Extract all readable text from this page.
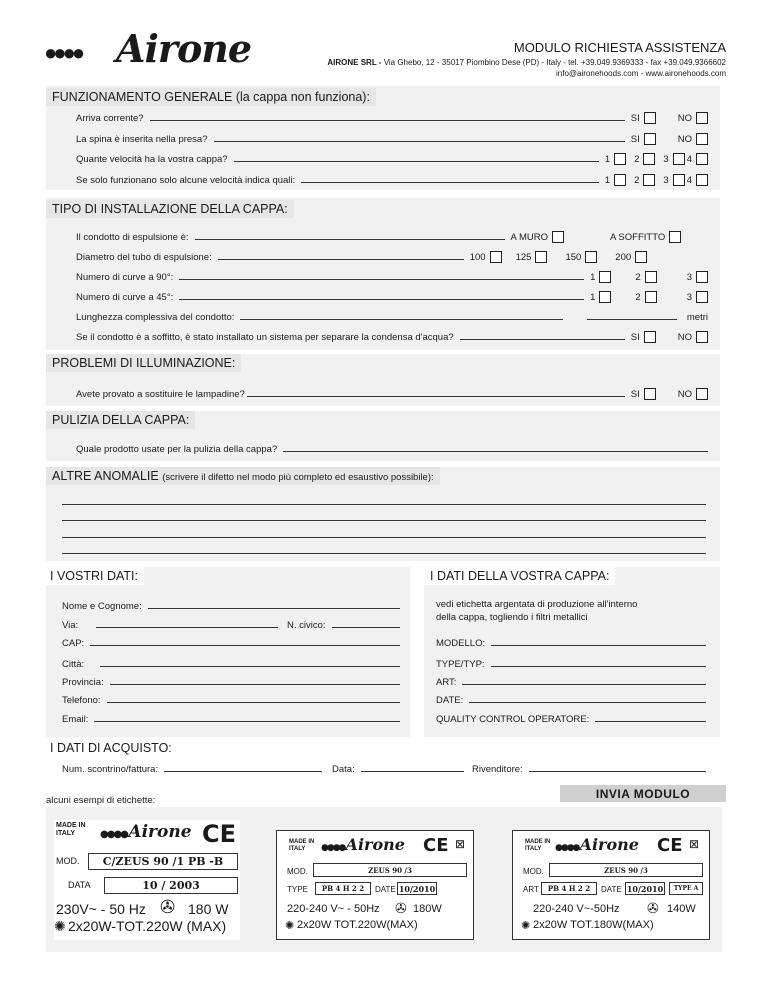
●●●● Airone	MODULO RICHIESTA ASSISTENZA
AIRONE SRL - Via Ghebo, 12 - 35017 Piombino Dese (PD) - Italy - tel. +39.049.9369333 - fax +39.049.9366602
info@aironehoods.com - www.aironehoods.com
FUNZIONAMENTO GENERALE (la cappa non funziona):
Arriva corrente?	SI	NO
La spina è inserita nella presa?	SI	NO
Quante velocità ha la vostra cappa?	1	2	3 4
Se solo funzionano solo alcune velocità indica quali:	1	2	3 4
TIPO DI INSTALLAZIONE DELLA CAPPA:
Il condotto di espulsione è:	A MURO	A SOFFITTO
Diametro del tubo di espulsione:	100	125	150	200
Numero di curve a 90°:	1	2	3
Numero di curve a 45°:	1	2	3
Lunghezza complessiva del condotto:	metri
Se il condotto è a soffitto, è stato installato un sistema per separare la condensa d'acqua?	SI	NO
PROBLEMI DI ILLUMINAZIONE:
Avete provato a sostituire le lampadine?	SI	NO
PULIZIA DELLA CAPPA:
Quale prodotto usate per la pulizia della cappa?
ALTRE ANOMALIE (scrivere il difetto nel modo più completo ed esaustivo possibile):
I VOSTRI DATI:
Nome e Cognome:
Via:	N. civico:
CAP:
Città:
Provincia:
Telefono:
Email:
I DATI DELLA VOSTRA CAPPA:
vedi etichetta argentata di produzione all'interno
della cappa, togliendo i filtri metallici
MODELLO:
TYPE/TYP:
ART:
DATE:
QUALITY CONTROL OPERATORE:
I DATI DI ACQUISTO:
Num. scontrino/fattura:	Data:	Rivenditore:
INVIA MODULO
alcuni esempi di etichette:
MADE IN ITALY	●●●● Airone CE
MOD.	C/ZEUS 90 /1 PB -B
DATA	10 / 2003
230V~ - 50 Hz ✇ 180 W
✺ 2x20W-TOT.220W (MAX)
MADE IN ITALY	●●●● Airone CE ⊠
MOD.	ZEUS 90 /3
TYPE	PB 4 H 2 2	DATE 10/2010
220-240 V~ - 50Hz ✇ 180W
✺ 2x20W TOT.220W(MAX)
MADE IN ITALY	●●●● Airone CE ⊠
MOD.	ZEUS 90 /3
ART	PB 4 H 2 2	DATE 10/2010	TYPE A
220-240 V~-50Hz ✇ 140W
✺ 2x20W TOT.180W(MAX)
